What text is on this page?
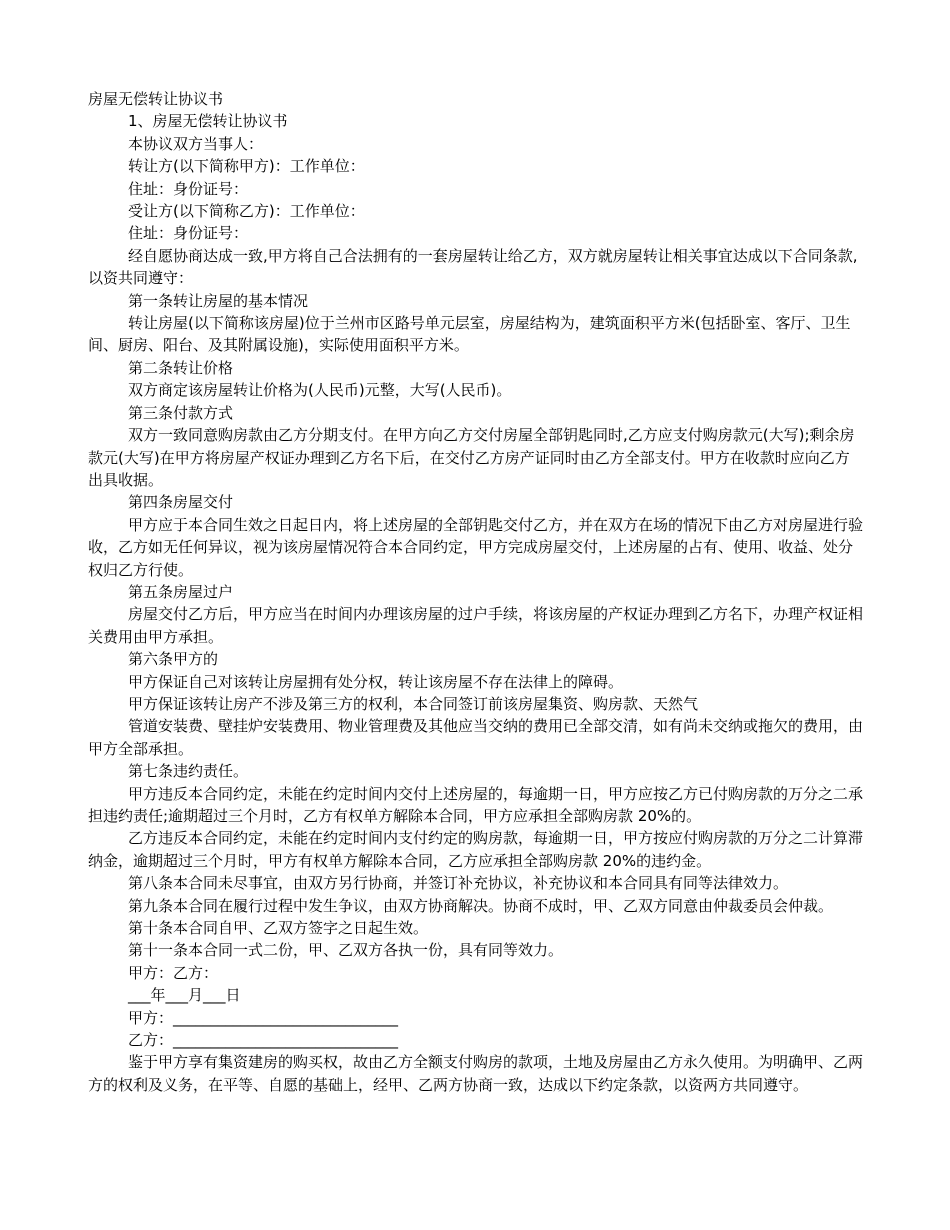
房屋无偿转让协议书

1、房屋无偿转让协议书

本协议双方当事人：

转让方(以下简称甲方)：工作单位：

住址：身份证号：

受让方(以下简称乙方)：工作单位：

住址：身份证号：

经自愿协商达成一致,甲方将自己合法拥有的一套房屋转让给乙方，双方就房屋转让相关事宜达成以下合同条款,以资共同遵守：

第一条转让房屋的基本情况

转让房屋(以下简称该房屋)位于兰州市区路号单元层室，房屋结构为，建筑面积平方米(包括卧室、客厅、卫生间、厨房、阳台、及其附属设施)，实际使用面积平方米。

第二条转让价格

双方商定该房屋转让价格为(人民币)元整，大写(人民币)。

第三条付款方式

双方一致同意购房款由乙方分期支付。在甲方向乙方交付房屋全部钥匙同时,乙方应支付购房款元(大写);剩余房款元(大写)在甲方将房屋产权证办理到乙方名下后，在交付乙方房产证同时由乙方全部支付。甲方在收款时应向乙方出具收据。

第四条房屋交付

甲方应于本合同生效之日起日内，将上述房屋的全部钥匙交付乙方，并在双方在场的情况下由乙方对房屋进行验收，乙方如无任何异议，视为该房屋情况符合本合同约定，甲方完成房屋交付，上述房屋的占有、使用、收益、处分权归乙方行使。

第五条房屋过户

房屋交付乙方后，甲方应当在时间内办理该房屋的过户手续，将该房屋的产权证办理到乙方名下，办理产权证相关费用由甲方承担。

第六条甲方的

甲方保证自己对该转让房屋拥有处分权，转让该房屋不存在法律上的障碍。

甲方保证该转让房产不涉及第三方的权利，本合同签订前该房屋集资、购房款、天然气

管道安装费、壁挂炉安装费用、物业管理费及其他应当交纳的费用已全部交清，如有尚未交纳或拖欠的费用，由甲方全部承担。

第七条违约责任。

甲方违反本合同约定，未能在约定时间内交付上述房屋的，每逾期一日，甲方应按乙方已付购房款的万分之二承担违约责任;逾期超过三个月时，乙方有权单方解除本合同，甲方应承担全部购房款 20%的。

乙方违反本合同约定，未能在约定时间内支付约定的购房款，每逾期一日，甲方按应付购房款的万分之二计算滞纳金，逾期超过三个月时，甲方有权单方解除本合同，乙方应承担全部购房款 20%的违约金。

第八条本合同未尽事宜，由双方另行协商，并签订补充协议，补充协议和本合同具有同等法律效力。

第九条本合同在履行过程中发生争议，由双方协商解决。协商不成时，甲、乙双方同意由仲裁委员会仲裁。

第十条本合同自甲、乙双方签字之日起生效。

第十一条本合同一式二份，甲、乙双方各执一份，具有同等效力。

甲方：乙方：

___年___月___日

甲方：______________________________

乙方：______________________________

鉴于甲方享有集资建房的购买权，故由乙方全额支付购房的款项，土地及房屋由乙方永久使用。为明确甲、乙两方的权利及义务，在平等、自愿的基础上，经甲、乙两方协商一致，达成以下约定条款，以资两方共同遵守。
